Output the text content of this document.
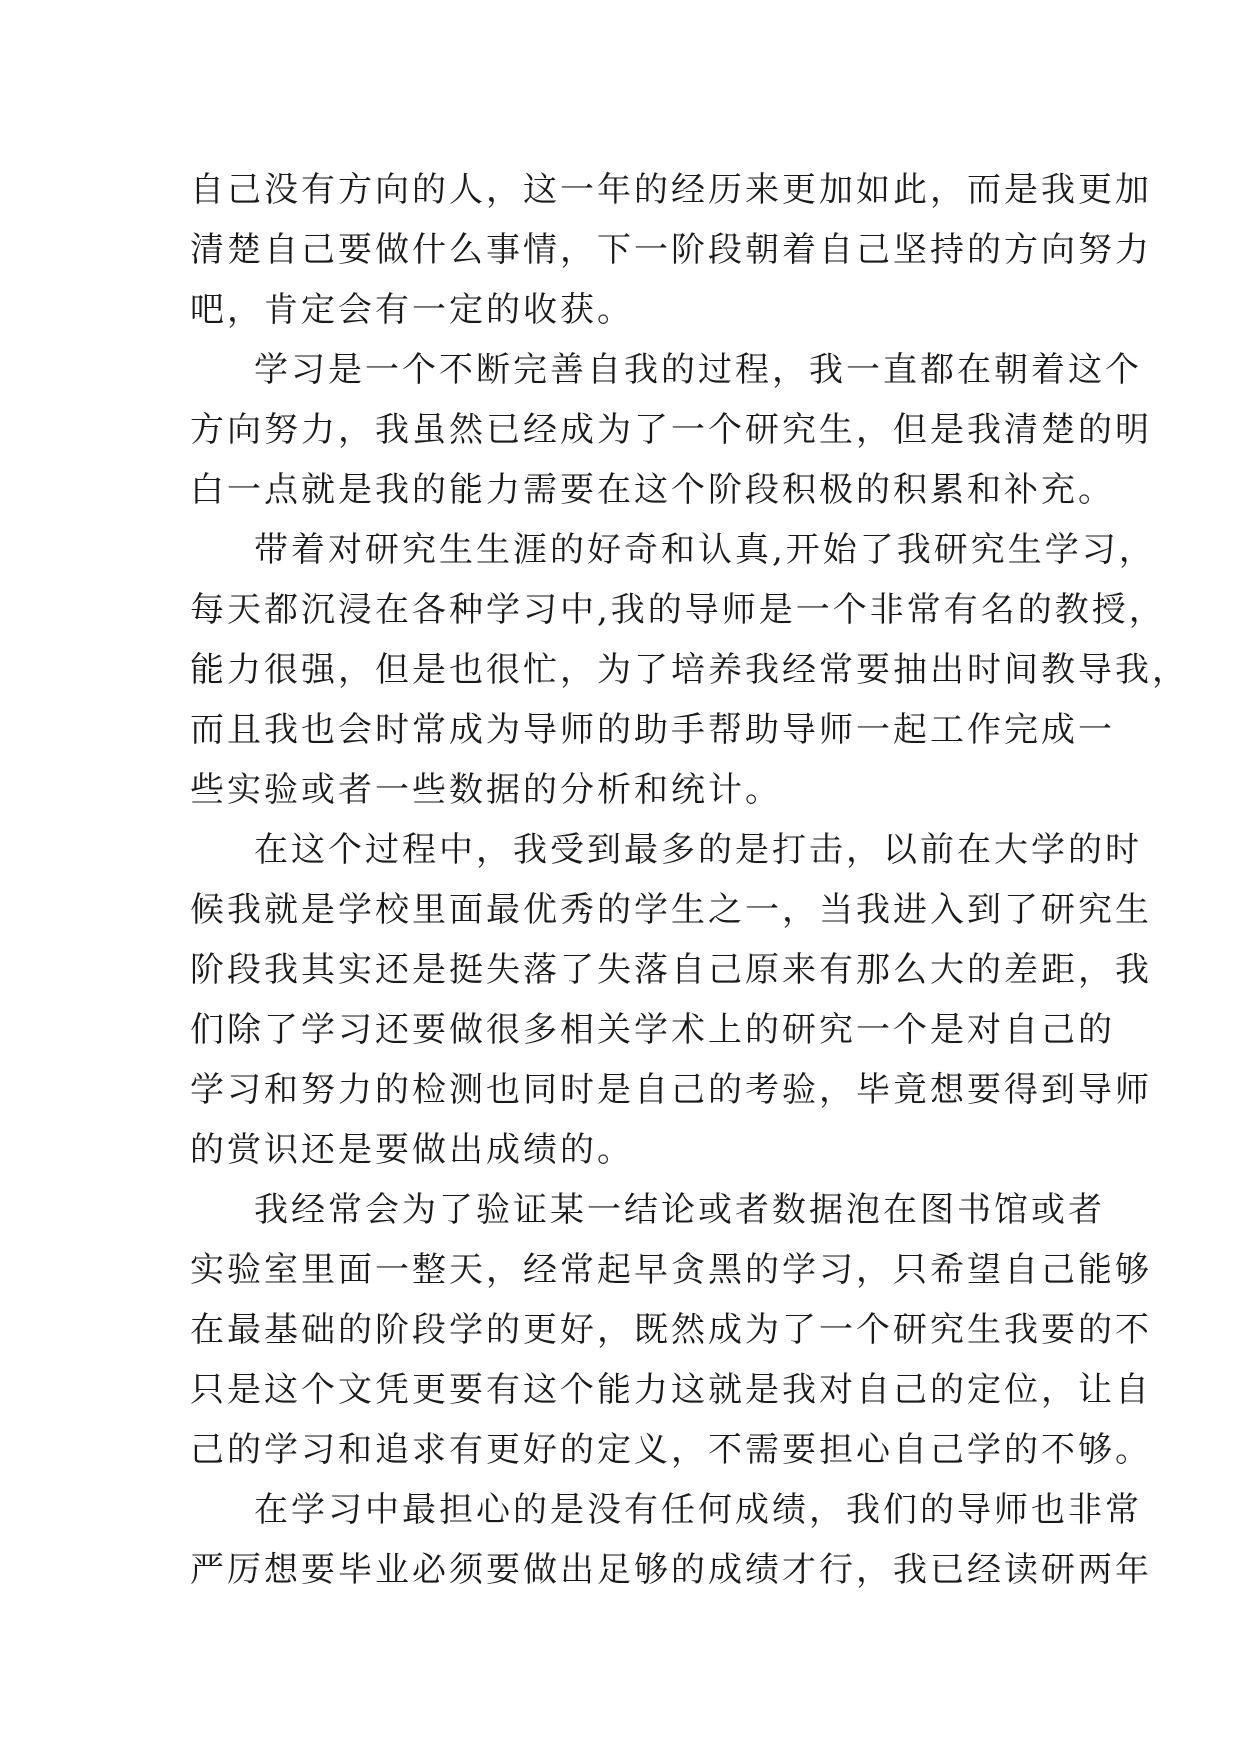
自己没有方向的人，这一年的经历来更加如此，而是我更加
清楚自己要做什么事情，下一阶段朝着自己坚持的方向努力
吧，肯定会有一定的收获。
学习是一个不断完善自我的过程，我一直都在朝着这个
方向努力，我虽然已经成为了一个研究生，但是我清楚的明
白一点就是我的能力需要在这个阶段积极的积累和补充。
带着对研究生生涯的好奇和认真,开始了我研究生学习，
每天都沉浸在各种学习中,我的导师是一个非常有名的教授，
能力很强，但是也很忙，为了培养我经常要抽出时间教导我，
而且我也会时常成为导师的助手帮助导师一起工作完成一
些实验或者一些数据的分析和统计。
在这个过程中，我受到最多的是打击，以前在大学的时
候我就是学校里面最优秀的学生之一，当我进入到了研究生
阶段我其实还是挺失落了失落自己原来有那么大的差距，我
们除了学习还要做很多相关学术上的研究一个是对自己的
学习和努力的检测也同时是自己的考验，毕竟想要得到导师
的赏识还是要做出成绩的。
我经常会为了验证某一结论或者数据泡在图书馆或者
实验室里面一整天，经常起早贪黑的学习，只希望自己能够
在最基础的阶段学的更好，既然成为了一个研究生我要的不
只是这个文凭更要有这个能力这就是我对自己的定位，让自
己的学习和追求有更好的定义，不需要担心自己学的不够。
在学习中最担心的是没有任何成绩，我们的导师也非常
严厉想要毕业必须要做出足够的成绩才行，我已经读研两年
